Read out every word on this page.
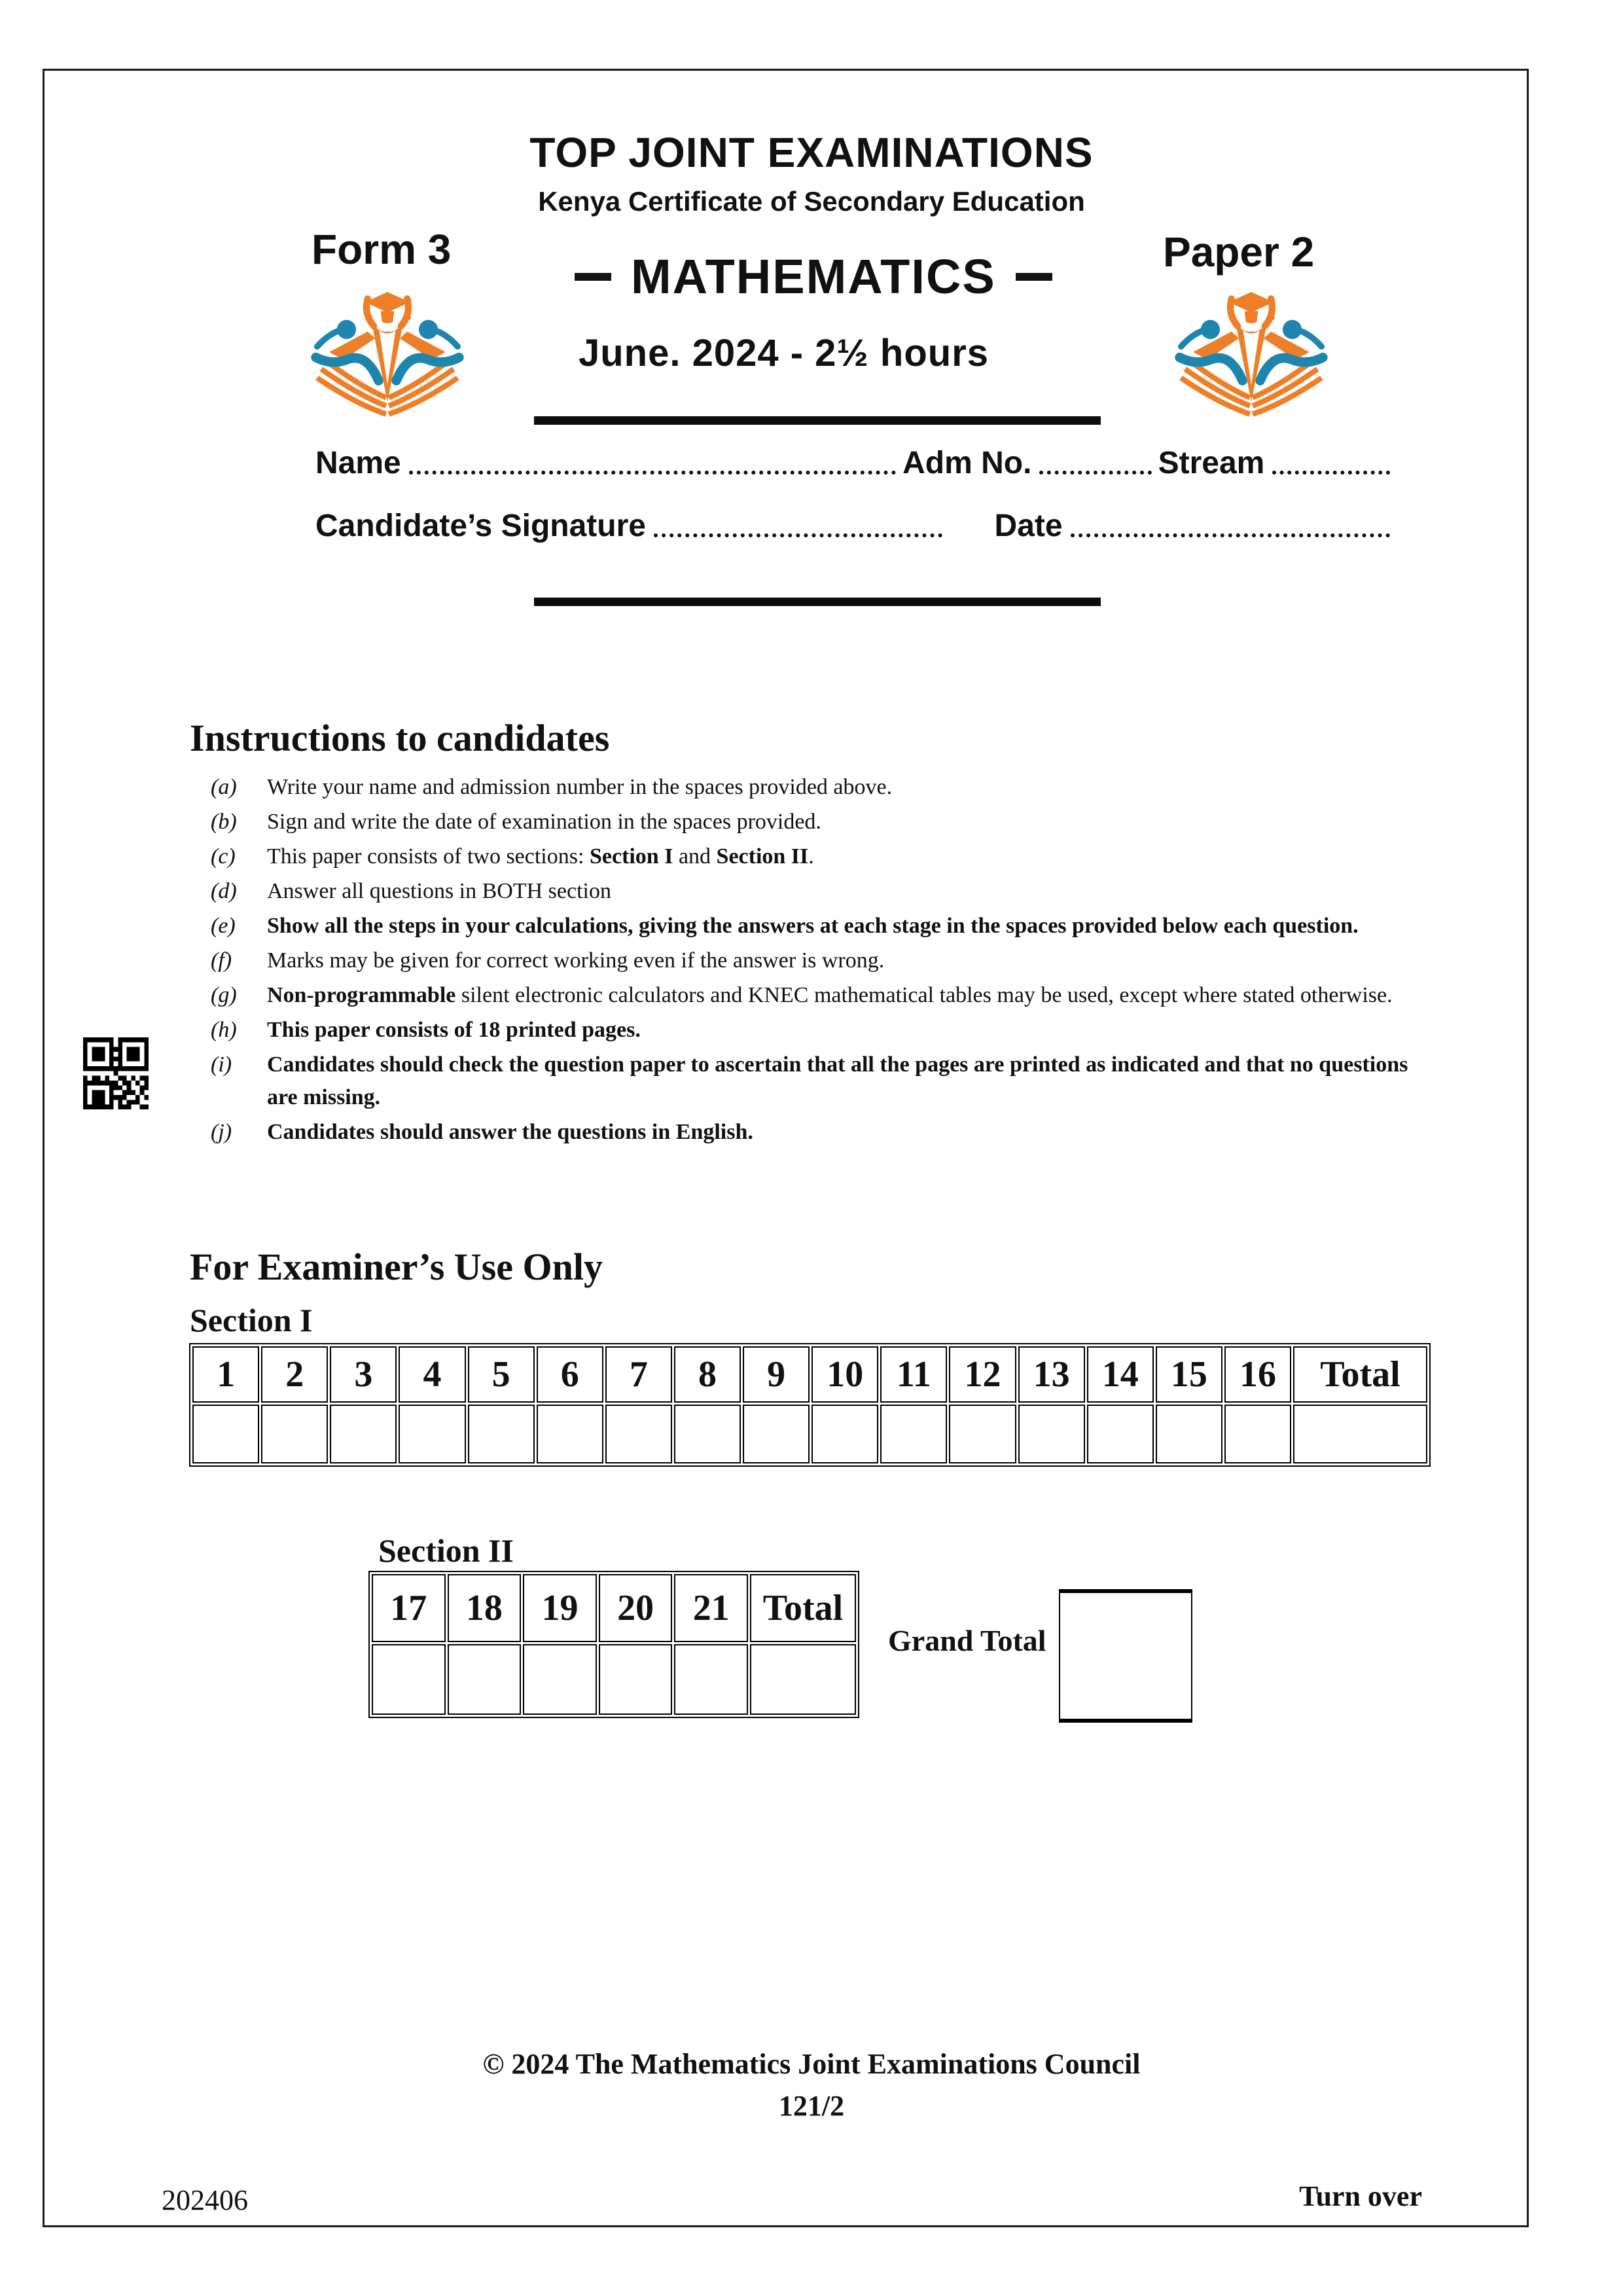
TOP JOINT EXAMINATIONS
Kenya Certificate of Secondary Education
Form 3	Paper 2
MATHEMATICS
June. 2024 - 2½ hours
Name	Adm No.	Stream
Candidate’s Signature	Date
Instructions to candidates
(a)	Write your name and admission number in the spaces provided above.
(b)	Sign and write the date of examination in the spaces provided.
(c)	This paper consists of two sections: Section I and Section II.
(d)	Answer all questions in BOTH section
(e)	Show all the steps in your calculations, giving the answers at each stage in the spaces provided below each question.
(f)	Marks may be given for correct working even if the answer is wrong.
(g)	Non-programmable silent electronic calculators and KNEC mathematical tables may be used, except where stated otherwise.
(h)	This paper consists of 18 printed pages.
(i)	Candidates should check the question paper to ascertain that all the pages are printed as indicated and that no questions are missing.
(j)	Candidates should answer the questions in English.
For Examiner’s Use Only
Section I
1	2	3	4	5	6	7	8	9	10	11	12	13	14	15	16	Total

Section II
17	18	19	20	21	Total

Grand Total
© 2024 The Mathematics Joint Examinations Council
121/2
202406	Turn over
